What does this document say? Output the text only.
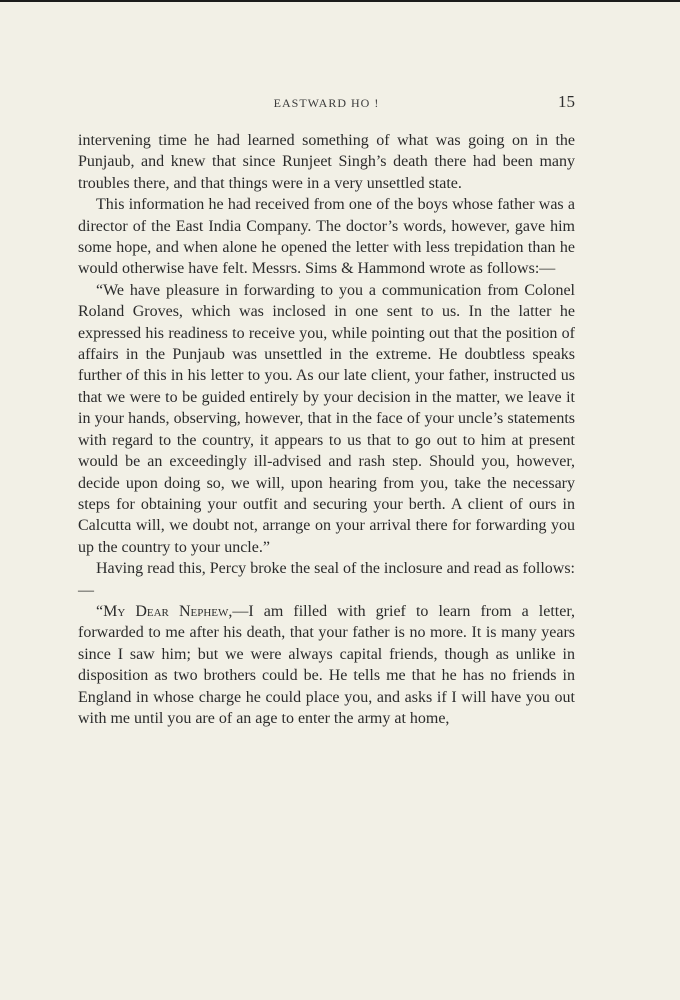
EASTWARD HO !	15

intervening time he had learned something of what was going on in the Punjaub, and knew that since Runjeet Singh’s death there had been many troubles there, and that things were in a very unsettled state.

This information he had received from one of the boys whose father was a director of the East India Company. The doctor’s words, however, gave him some hope, and when alone he opened the letter with less trepidation than he would otherwise have felt. Messrs. Sims & Hammond wrote as follows:—

“We have pleasure in forwarding to you a communication from Colonel Roland Groves, which was inclosed in one sent to us. In the latter he expressed his readiness to receive you, while pointing out that the position of affairs in the Punjaub was unsettled in the extreme. He doubtless speaks further of this in his letter to you. As our late client, your father, instructed us that we were to be guided entirely by your decision in the matter, we leave it in your hands, observing, however, that in the face of your uncle’s statements with regard to the country, it appears to us that to go out to him at present would be an exceedingly ill-advised and rash step. Should you, however, decide upon doing so, we will, upon hearing from you, take the necessary steps for obtaining your outfit and securing your berth. A client of ours in Calcutta will, we doubt not, arrange on your arrival there for forwarding you up the country to your uncle.”

Having read this, Percy broke the seal of the inclosure and read as follows:—

“My Dear Nephew,—I am filled with grief to learn from a letter, forwarded to me after his death, that your father is no more. It is many years since I saw him; but we were always capital friends, though as unlike in disposition as two brothers could be. He tells me that he has no friends in England in whose charge he could place you, and asks if I will have you out with me until you are of an age to enter the army at home,
